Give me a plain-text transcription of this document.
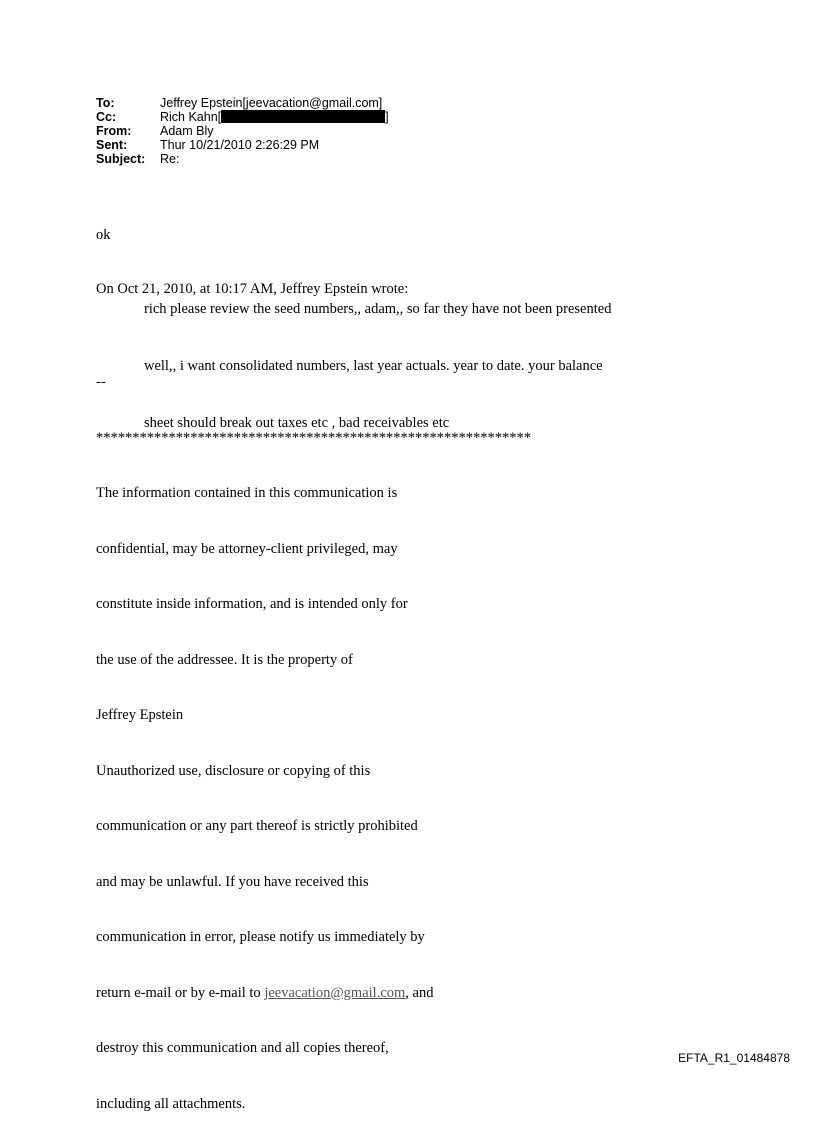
To:	Jeffrey Epstein[jeevacation@gmail.com]
Cc:	Rich Kahn[	]
From:	Adam Bly
Sent:	Thur 10/21/2010 2:26:29 PM
Subject:	Re:

ok

On Oct 21, 2010, at 10:17 AM, Jeffrey Epstein wrote:

rich please review the seed numbers,, adam,, so far they have not been presented

well,, i want consolidated numbers, last year actuals. year to date. your balance

sheet should break out taxes etc , bad receivables etc

--

************************************************************

The information contained in this communication is

confidential, may be attorney-client privileged, may

constitute inside information, and is intended only for

the use of the addressee. It is the property of

Jeffrey Epstein

Unauthorized use, disclosure or copying of this

communication or any part thereof is strictly prohibited

and may be unlawful. If you have received this

communication in error, please notify us immediately by

return e-mail or by e-mail to jeevacation@gmail.com, and

destroy this communication and all copies thereof,

including all attachments.

EFTA_R1_01484878
